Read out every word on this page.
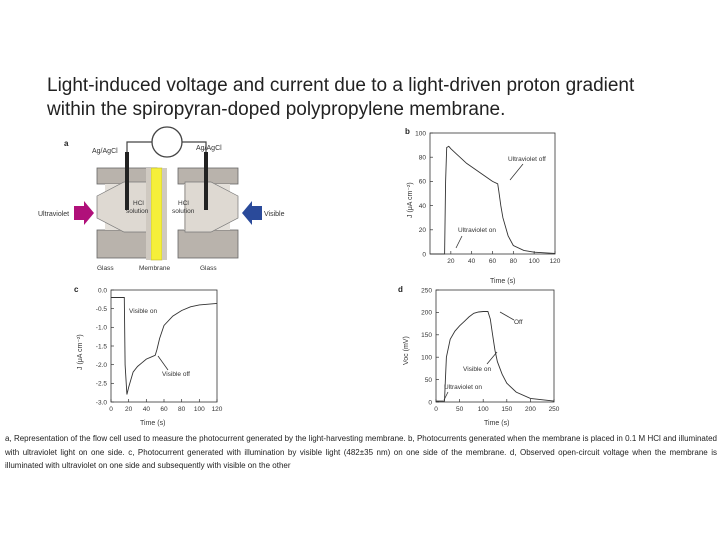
Light-induced voltage and current due to a light-driven proton gradient
within the spiropyran-doped polypropylene membrane.
a
Ag/AgCl	Ag/AgCl
HCl
solution
HCl
solution
Ultraviolet	Visible
Glass	Membrane	Glass
b
20 40 60 80 100 120
0
20
40
60
80
100
Time (s)
J (μA cm⁻²)
Ultraviolet off
Ultraviolet on
c
0 20 40 60 80 100 120
0.0
-0.5
-1.0
-1.5
-2.0
-2.5
-3.0
Time (s)
J (μA cm⁻²)
Visible on
Visible off
d
0	50 100 150 200 250
0
50
100
150
200
250
Time (s)
Voc (mV)
Off
Visible on
Ultraviolet on
a, Representation of the flow cell used to measure the photocurrent generated by the light-harvesting membrane. b, Photocurrents generated when the membrane is placed in 0.1 M HCl and illuminated with ultraviolet light on one side. c, Photocurrent generated with illumination by visible light (482±35 nm) on one side of the membrane. d, Observed open-circuit voltage when the membrane is illuminated with ultraviolet on one side and subsequently with visible on the other
